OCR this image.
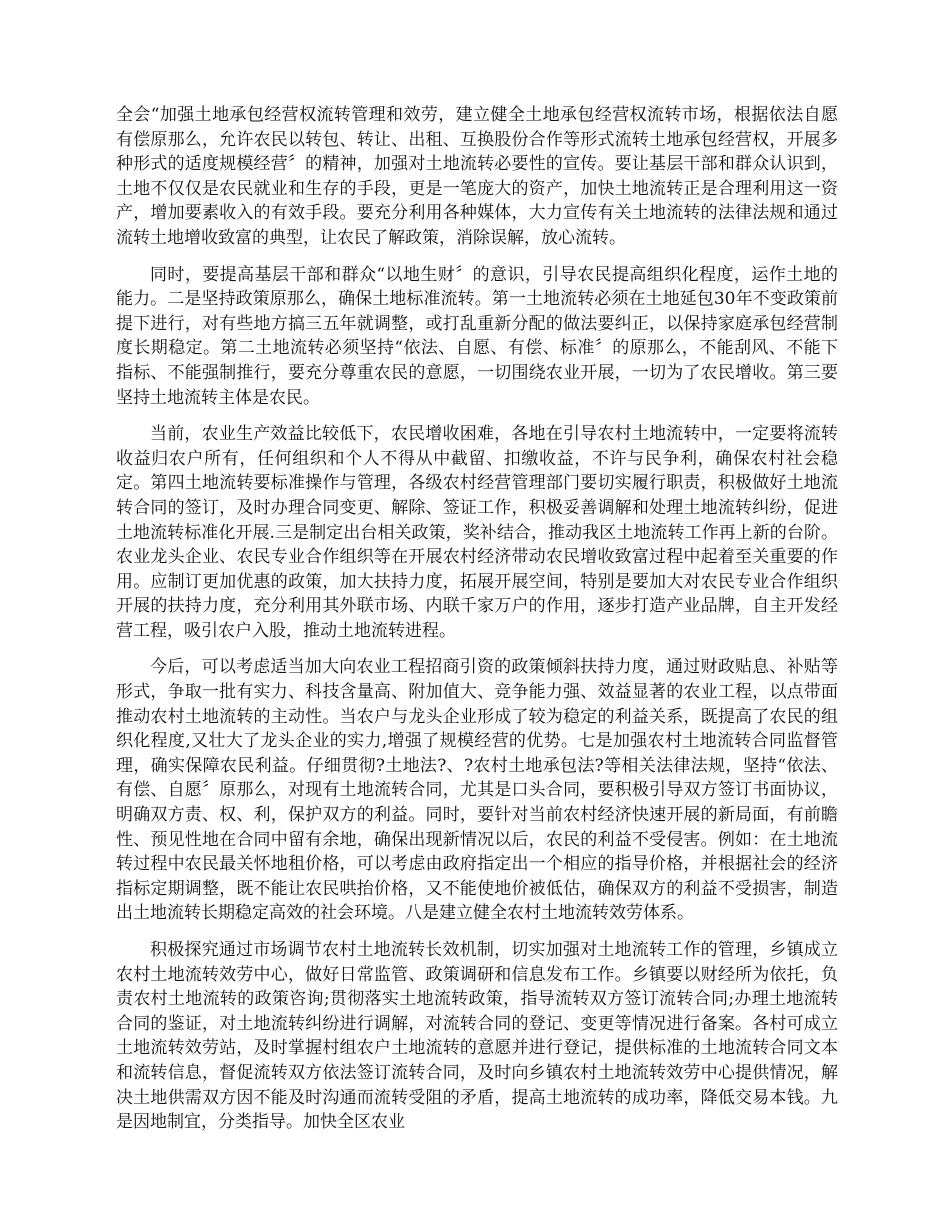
全会“加强土地承包经营权流转管理和效劳，建立健全土地承包经营权流转市场，根据依法自愿有偿原那么，允许农民以转包、转让、出租、互换股份合作等形式流转土地承包经营权，开展多种形式的适度规模经营〞的精神，加强对土地流转必要性的宣传。要让基层干部和群众认识到，土地不仅仅是农民就业和生存的手段，更是一笔庞大的资产，加快土地流转正是合理利用这一资产，增加要素收入的有效手段。要充分利用各种媒体，大力宣传有关土地流转的法律法规和通过流转土地增收致富的典型，让农民了解政策，消除误解，放心流转。

同时，要提高基层干部和群众“以地生财〞的意识，引导农民提高组织化程度，运作土地的能力。二是坚持政策原那么，确保土地标准流转。第一土地流转必须在土地延包30年不变政策前提下进行，对有些地方搞三五年就调整，或打乱重新分配的做法要纠正，以保持家庭承包经营制度长期稳定。第二土地流转必须坚持“依法、自愿、有偿、标准〞的原那么，不能刮风、不能下指标、不能强制推行，要充分尊重农民的意愿，一切围绕农业开展，一切为了农民增收。第三要坚持土地流转主体是农民。

当前，农业生产效益比较低下，农民增收困难，各地在引导农村土地流转中，一定要将流转收益归农户所有，任何组织和个人不得从中截留、扣缴收益，不许与民争利，确保农村社会稳定。第四土地流转要标准操作与管理，各级农村经营管理部门要切实履行职责，积极做好土地流转合同的签订，及时办理合同变更、解除、签证工作，积极妥善调解和处理土地流转纠纷，促进土地流转标准化开展.三是制定出台相关政策，奖补结合，推动我区土地流转工作再上新的台阶。农业龙头企业、农民专业合作组织等在开展农村经济带动农民增收致富过程中起着至关重要的作用。应制订更加优惠的政策，加大扶持力度，拓展开展空间，特别是要加大对农民专业合作组织开展的扶持力度，充分利用其外联市场、内联千家万户的作用，逐步打造产业品牌，自主开发经营工程，吸引农户入股，推动土地流转进程。

今后，可以考虑适当加大向农业工程招商引资的政策倾斜扶持力度，通过财政贴息、补贴等形式，争取一批有实力、科技含量高、附加值大、竞争能力强、效益显著的农业工程，以点带面推动农村土地流转的主动性。当农户与龙头企业形成了较为稳定的利益关系，既提高了农民的组织化程度,又壮大了龙头企业的实力,增强了规模经营的优势。七是加强农村土地流转合同监督管理，确实保障农民利益。仔细贯彻?土地法?、?农村土地承包法?等相关法律法规，坚持“依法、有偿、自愿〞原那么，对现有土地流转合同，尤其是口头合同，要积极引导双方签订书面协议，明确双方责、权、利，保护双方的利益。同时，要针对当前农村经济快速开展的新局面，有前瞻性、预见性地在合同中留有余地，确保出现新情况以后，农民的利益不受侵害。例如：在土地流转过程中农民最关怀地租价格，可以考虑由政府指定出一个相应的指导价格，并根据社会的经济指标定期调整，既不能让农民哄抬价格，又不能使地价被低估，确保双方的利益不受损害，制造出土地流转长期稳定高效的社会环境。八是建立健全农村土地流转效劳体系。

积极探究通过市场调节农村土地流转长效机制，切实加强对土地流转工作的管理，乡镇成立农村土地流转效劳中心，做好日常监管、政策调研和信息发布工作。乡镇要以财经所为依托，负责农村土地流转的政策咨询;贯彻落实土地流转政策，指导流转双方签订流转合同;办理土地流转合同的鉴证，对土地流转纠纷进行调解，对流转合同的登记、变更等情况进行备案。各村可成立土地流转效劳站，及时掌握村组农户土地流转的意愿并进行登记，提供标准的土地流转合同文本和流转信息，督促流转双方依法签订流转合同，及时向乡镇农村土地流转效劳中心提供情况，解决土地供需双方因不能及时沟通而流转受阻的矛盾，提高土地流转的成功率，降低交易本钱。九是因地制宜，分类指导。加快全区农业
